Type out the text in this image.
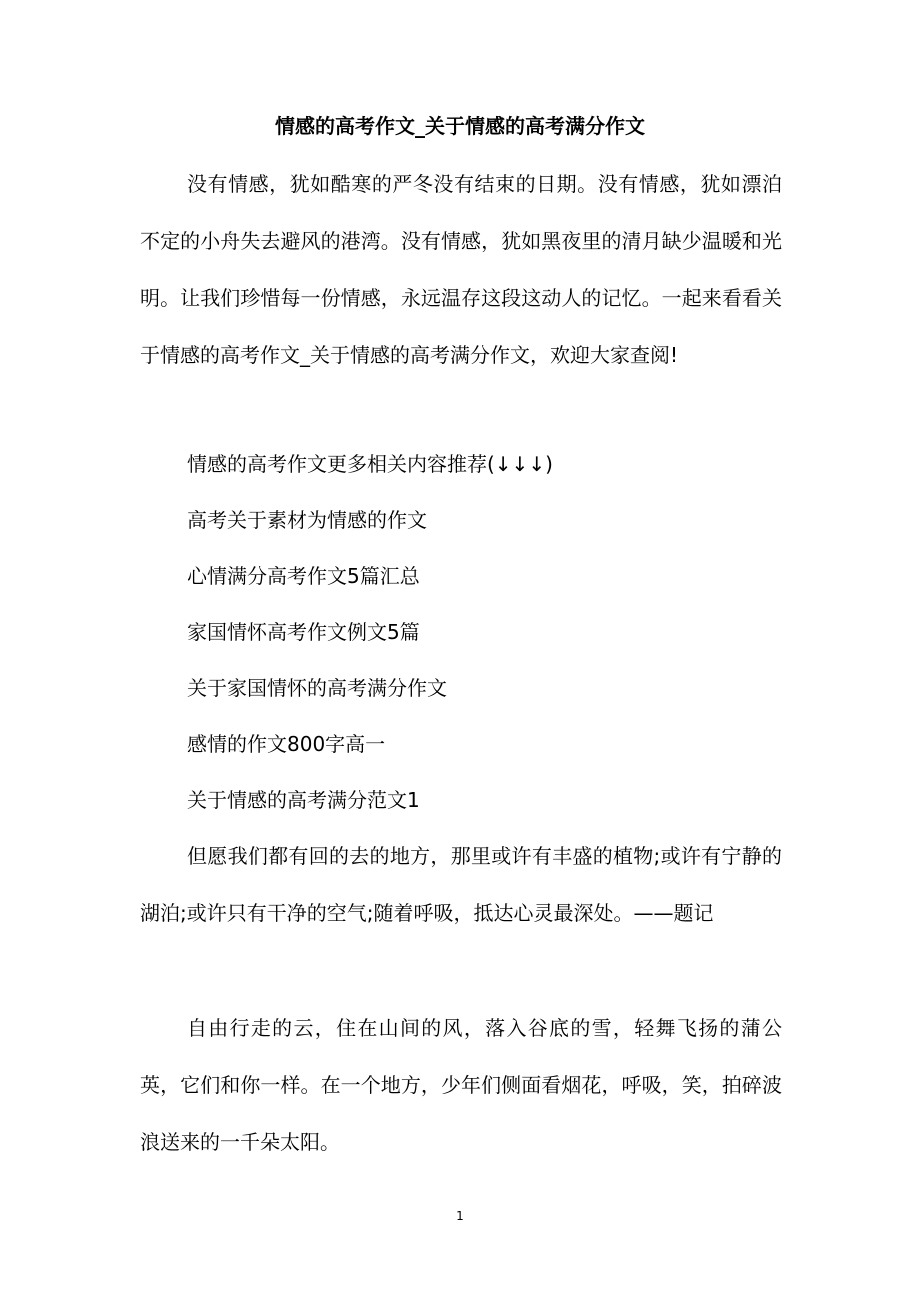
情感的高考作文_关于情感的高考满分作文

没有情感，犹如酷寒的严冬没有结束的日期。没有情感，犹如漂泊不定的小舟失去避风的港湾。没有情感，犹如黑夜里的清月缺少温暖和光明。让我们珍惜每一份情感，永远温存这段这动人的记忆。一起来看看关于情感的高考作文_关于情感的高考满分作文，欢迎大家查阅!

情感的高考作文更多相关内容推荐(↓↓↓)
高考关于素材为情感的作文
心情满分高考作文5篇汇总
家国情怀高考作文例文5篇
关于家国情怀的高考满分作文
感情的作文800字高一
关于情感的高考满分范文1

但愿我们都有回的去的地方，那里或许有丰盛的植物;或许有宁静的湖泊;或许只有干净的空气;随着呼吸，抵达心灵最深处。——题记

自由行走的云，住在山间的风，落入谷底的雪，轻舞飞扬的蒲公英，它们和你一样。在一个地方，少年们侧面看烟花，呼吸，笑，拍碎波浪送来的一千朵太阳。

1
